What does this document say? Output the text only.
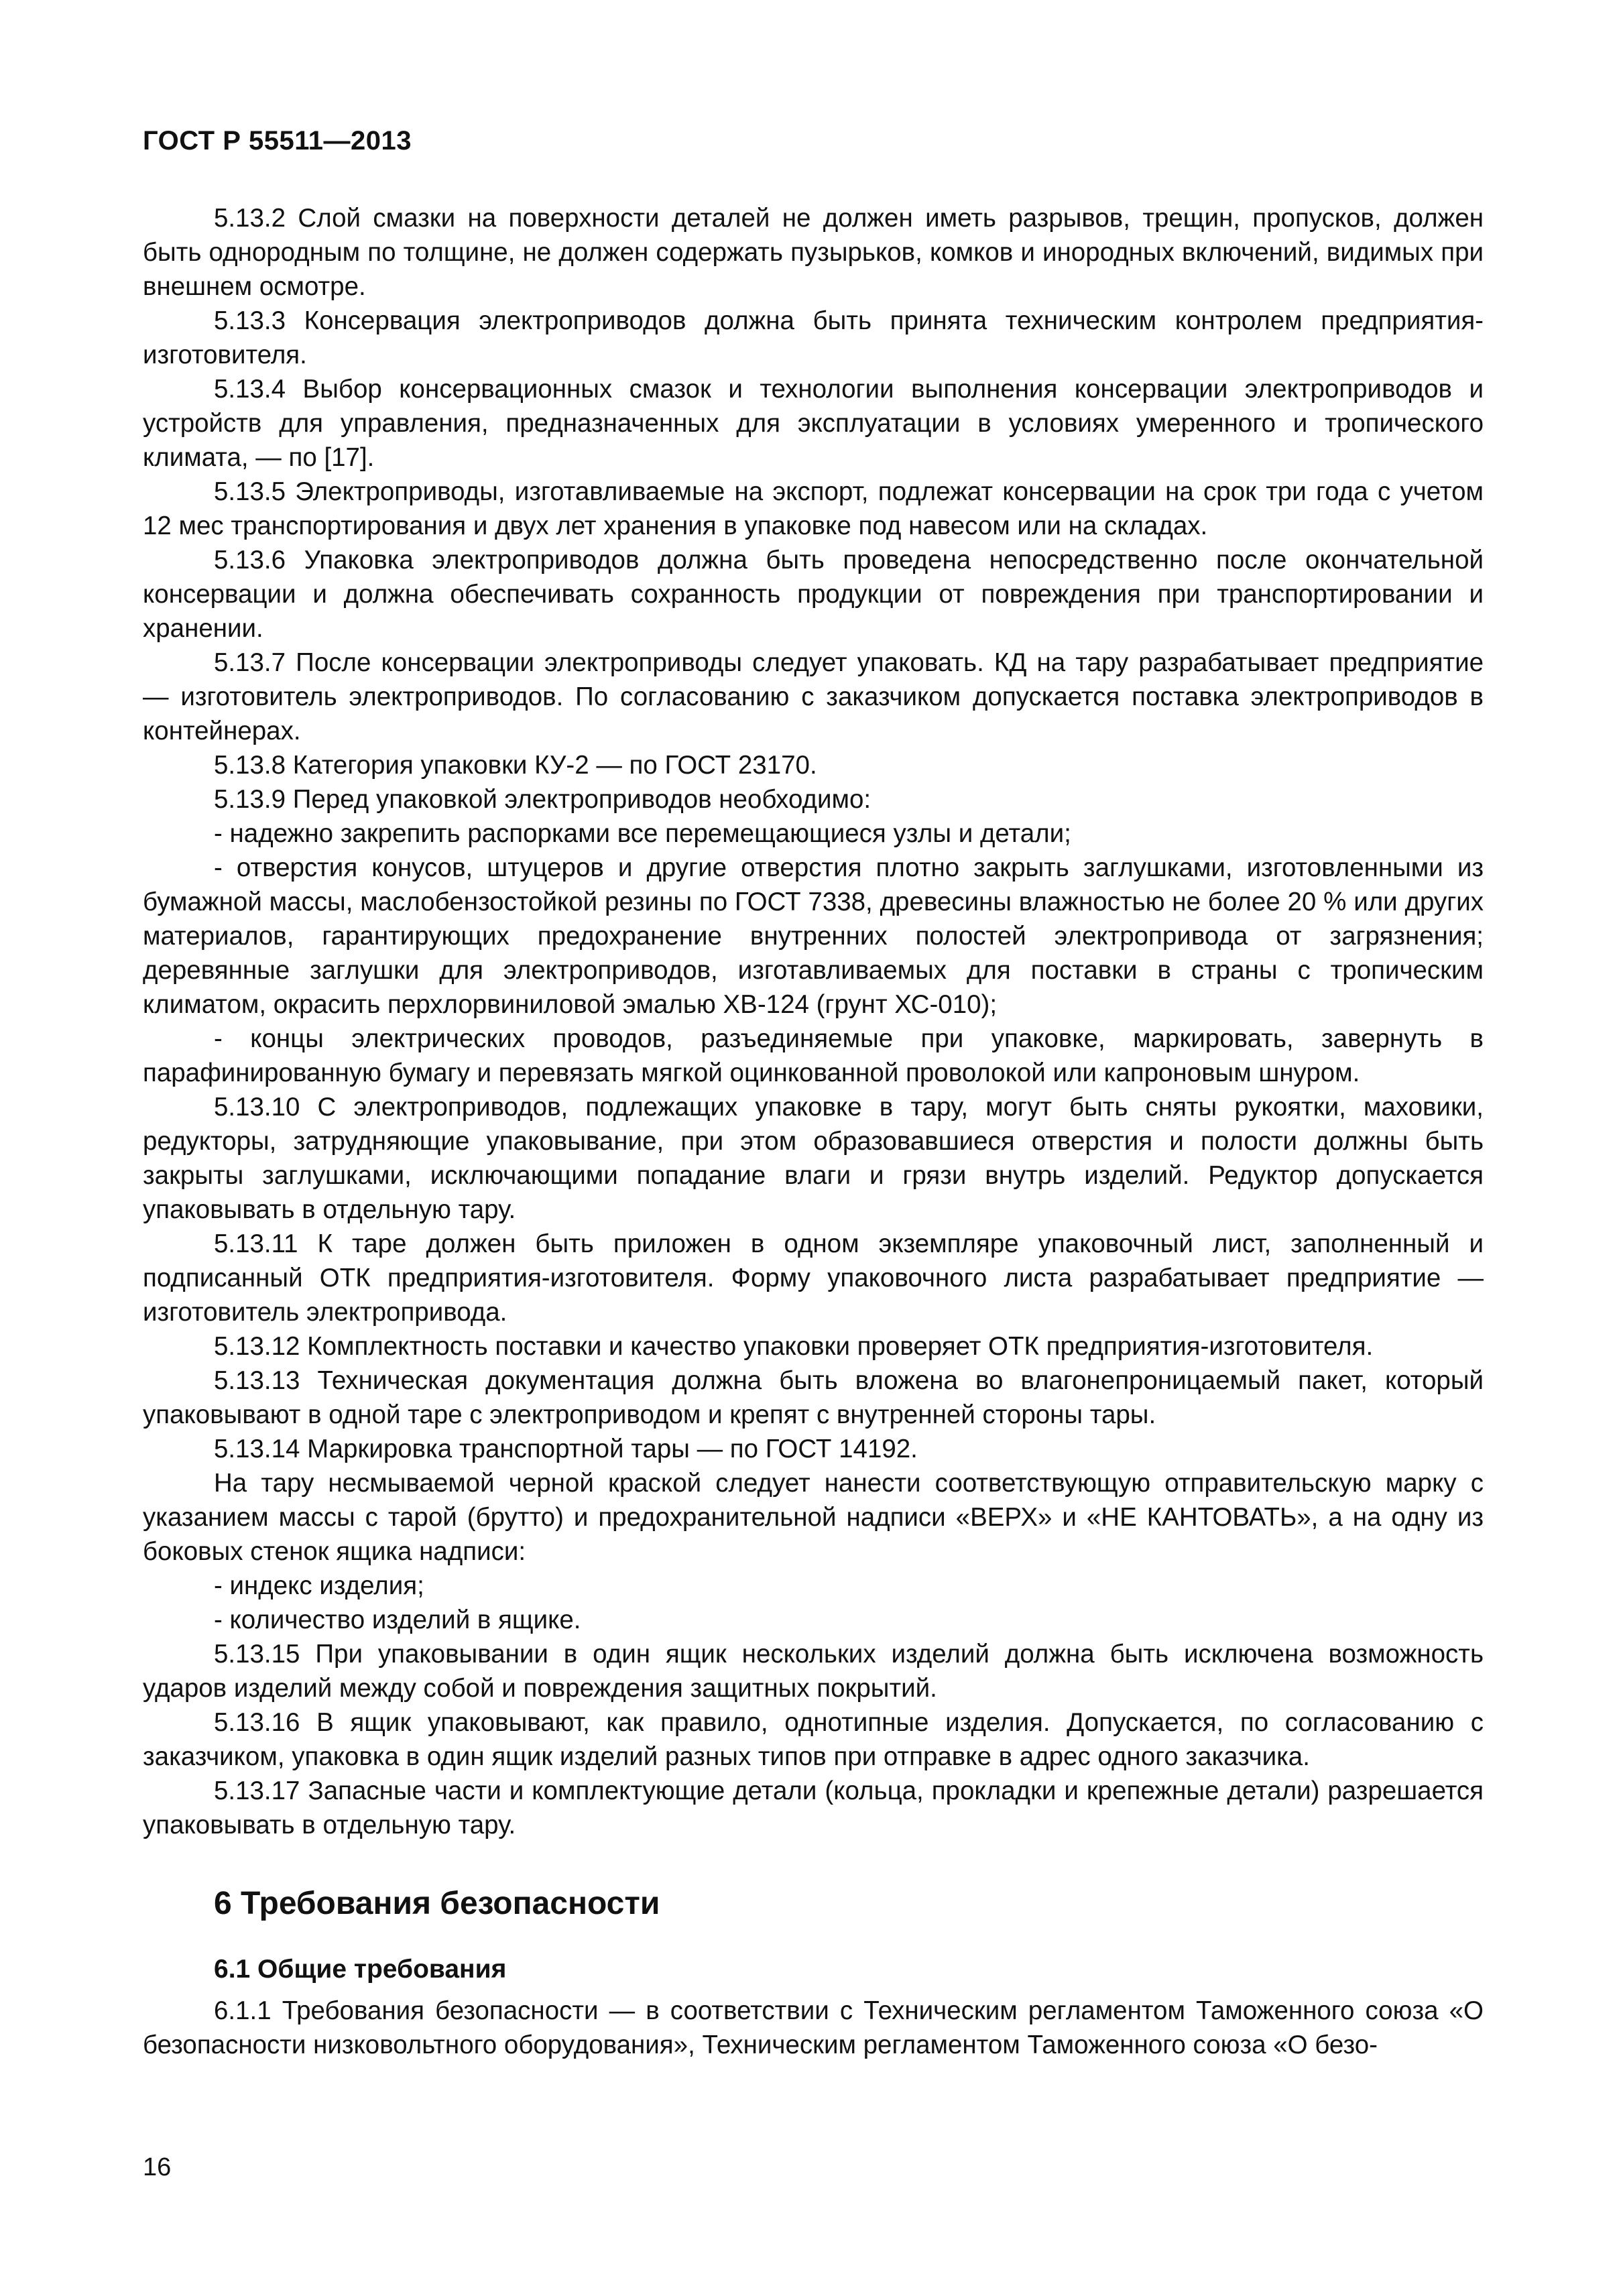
ГОСТ Р 55511—2013

5.13.2 Слой смазки на поверхности деталей не должен иметь разрывов, трещин, пропусков, должен быть однородным по толщине, не должен содержать пузырьков, комков и инородных включений, видимых при внешнем осмотре.

5.13.3 Консервация электроприводов должна быть принята техническим контролем предприятия-изготовителя.

5.13.4 Выбор консервационных смазок и технологии выполнения консервации электроприводов и устройств для управления, предназначенных для эксплуатации в условиях умеренного и тропического климата, — по [17].

5.13.5 Электроприводы, изготавливаемые на экспорт, подлежат консервации на срок три года с учетом 12 мес транспортирования и двух лет хранения в упаковке под навесом или на складах.

5.13.6 Упаковка электроприводов должна быть проведена непосредственно после окончательной консервации и должна обеспечивать сохранность продукции от повреждения при транспортировании и хранении.

5.13.7 После консервации электроприводы следует упаковать. КД на тару разрабатывает предприятие — изготовитель электроприводов. По согласованию с заказчиком допускается поставка электроприводов в контейнерах.

5.13.8 Категория упаковки КУ-2 — по ГОСТ 23170.

5.13.9 Перед упаковкой электроприводов необходимо:

- надежно закрепить распорками все перемещающиеся узлы и детали;

- отверстия конусов, штуцеров и другие отверстия плотно закрыть заглушками, изготовленными из бумажной массы, маслобензостойкой резины по ГОСТ 7338, древесины влажностью не более 20 % или других материалов, гарантирующих предохранение внутренних полостей электропривода от загрязнения; деревянные заглушки для электроприводов, изготавливаемых для поставки в страны с тропическим климатом, окрасить перхлорвиниловой эмалью ХВ-124 (грунт ХС-010);

- концы электрических проводов, разъединяемые при упаковке, маркировать, завернуть в парафинированную бумагу и перевязать мягкой оцинкованной проволокой или капроновым шнуром.

5.13.10 С электроприводов, подлежащих упаковке в тару, могут быть сняты рукоятки, маховики, редукторы, затрудняющие упаковывание, при этом образовавшиеся отверстия и полости должны быть закрыты заглушками, исключающими попадание влаги и грязи внутрь изделий. Редуктор допускается упаковывать в отдельную тару.

5.13.11 К таре должен быть приложен в одном экземпляре упаковочный лист, заполненный и подписанный ОТК предприятия-изготовителя. Форму упаковочного листа разрабатывает предприятие — изготовитель электропривода.

5.13.12 Комплектность поставки и качество упаковки проверяет ОТК предприятия-изготовителя.

5.13.13 Техническая документация должна быть вложена во влагонепроницаемый пакет, который упаковывают в одной таре с электроприводом и крепят с внутренней стороны тары.

5.13.14 Маркировка транспортной тары — по ГОСТ 14192.

На тару несмываемой черной краской следует нанести соответствующую отправительскую марку с указанием массы с тарой (брутто) и предохранительной надписи «ВЕРХ» и «НЕ КАНТОВАТЬ», а на одну из боковых стенок ящика надписи:

- индекс изделия;

- количество изделий в ящике.

5.13.15 При упаковывании в один ящик нескольких изделий должна быть исключена возможность ударов изделий между собой и повреждения защитных покрытий.

5.13.16 В ящик упаковывают, как правило, однотипные изделия. Допускается, по согласованию с заказчиком, упаковка в один ящик изделий разных типов при отправке в адрес одного заказчика.

5.13.17 Запасные части и комплектующие детали (кольца, прокладки и крепежные детали) разрешается упаковывать в отдельную тару.

6 Требования безопасности
6.1 Общие требования

6.1.1 Требования безопасности — в соответствии с Техническим регламентом Таможенного союза «О безопасности низковольтного оборудования», Техническим регламентом Таможенного союза «О безо-

16
